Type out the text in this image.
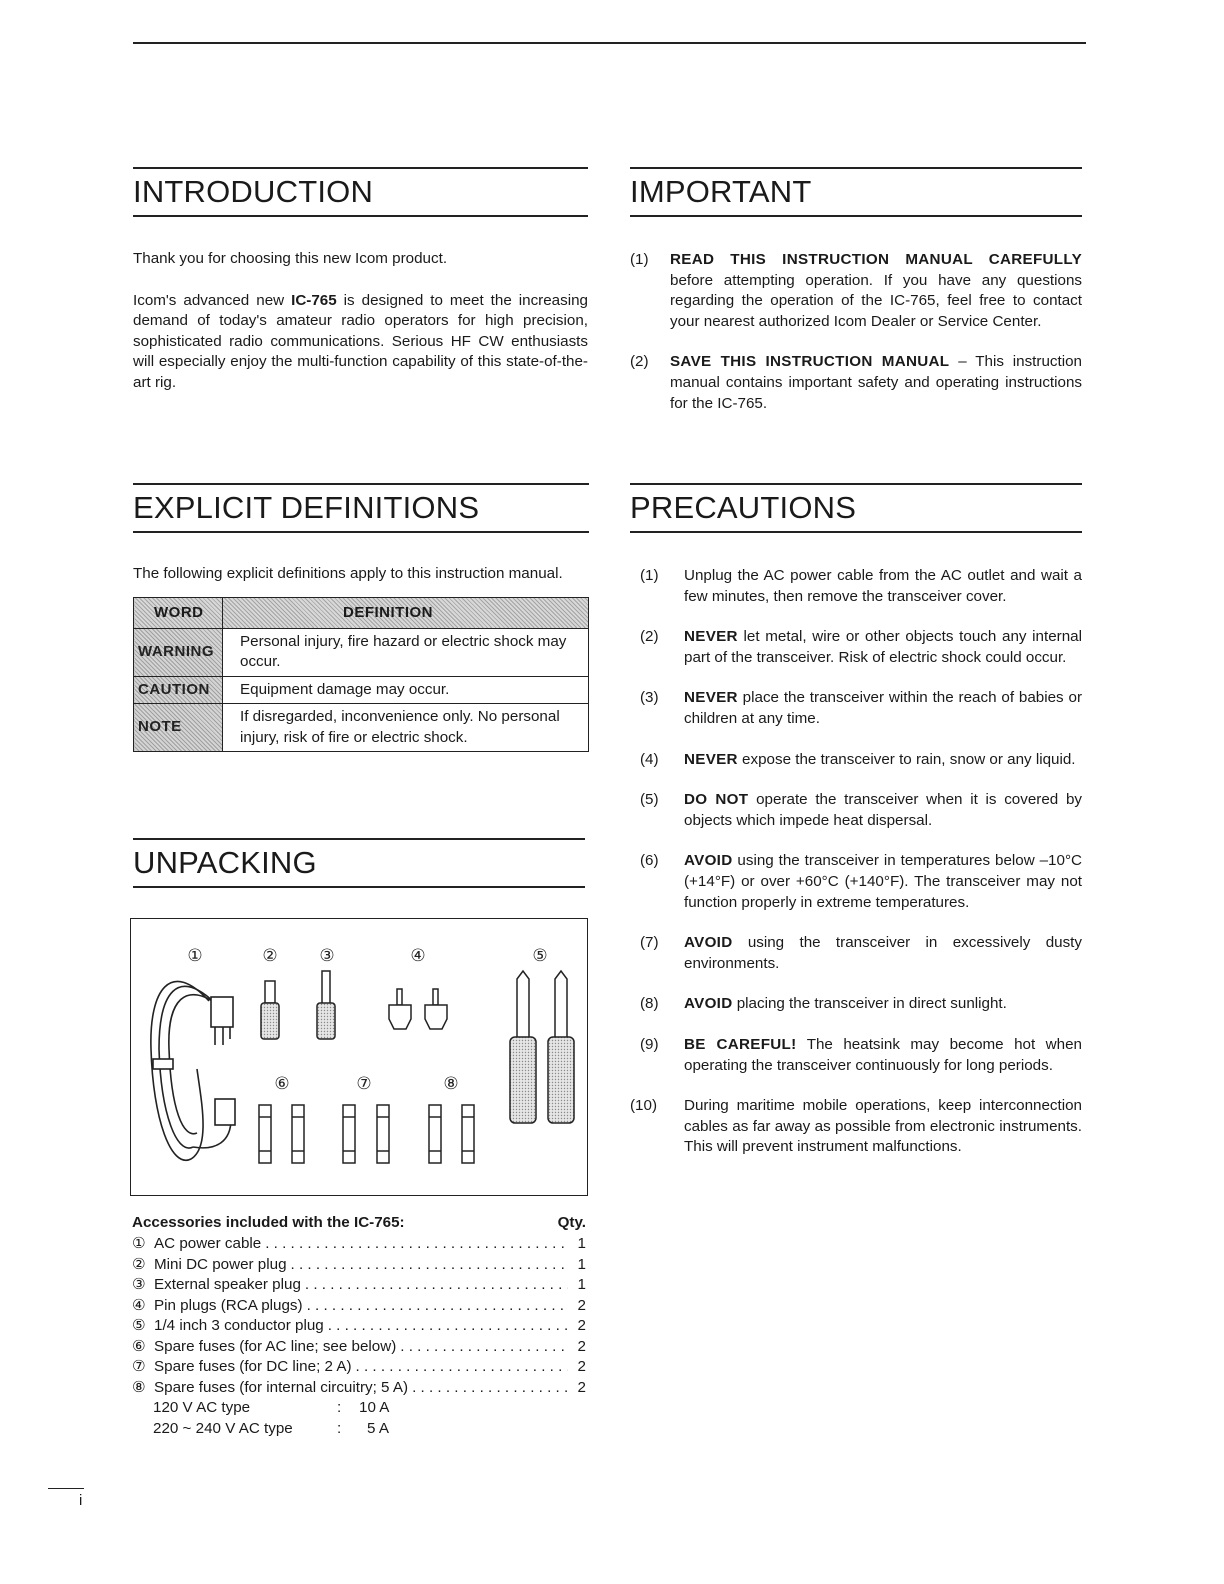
INTRODUCTION

Thank you for choosing this new Icom product.

Icom's advanced new IC-765 is designed to meet the increasing demand of today's amateur radio operators for high precision, sophisticated radio communications. Serious HF CW enthusiasts will especially enjoy the multi-function capability of this state-of-the-art rig.

IMPORTANT
(1) READ THIS INSTRUCTION MANUAL CAREFULLY before attempting operation. If you have any questions regarding the operation of the IC-765, feel free to contact your nearest authorized Icom Dealer or Service Center.
(2) SAVE THIS INSTRUCTION MANUAL – This instruction manual contains important safety and operating instructions for the IC-765.
EXPLICIT DEFINITIONS

The following explicit definitions apply to this instruction manual.

WORD	DEFINITION
WARNING	Personal injury, fire hazard or electric shock may occur.
CAUTION	Equipment damage may occur.
NOTE	If disregarded, inconvenience only. No personal injury, risk of fire or electric shock.
UNPACKING
①	② ③	④	⑤
⑥	⑦	⑧
Accessories included with the IC-765:	Qty.
① AC power cable . . .	1
② Mini DC power plug . . .	1
③ External speaker plug . . .	1
④ Pin plugs (RCA plugs) . . .	2
⑤ 1/4 inch 3 conductor plug . . .	2
⑥ Spare fuses (for AC line; see below) . . .	2
⑦ Spare fuses (for DC line; 2 A) . . .	2
⑧ Spare fuses (for internal circuitry; 5 A) . . .	2
120 V AC type	:	10 A
220 ~ 240 V AC type	:	5 A
PRECAUTIONS
(1) Unplug the AC power cable from the AC outlet and wait a few minutes, then remove the transceiver cover.
(2) NEVER let metal, wire or other objects touch any internal part of the transceiver. Risk of electric shock could occur.
(3) NEVER place the transceiver within the reach of babies or children at any time.
(4) NEVER expose the transceiver to rain, snow or any liquid.
(5) DO NOT operate the transceiver when it is covered by objects which impede heat dispersal.
(6) AVOID using the transceiver in temperatures below –10°C (+14°F) or over +60°C (+140°F). The transceiver may not function properly in extreme temperatures.
(7) AVOID using the transceiver in excessively dusty environments.
(8) AVOID placing the transceiver in direct sunlight.
(9) BE CAREFUL! The heatsink may become hot when operating the transceiver continuously for long periods.
(10) During maritime mobile operations, keep interconnection cables as far away as possible from electronic instruments. This will prevent instrument malfunctions.
i
